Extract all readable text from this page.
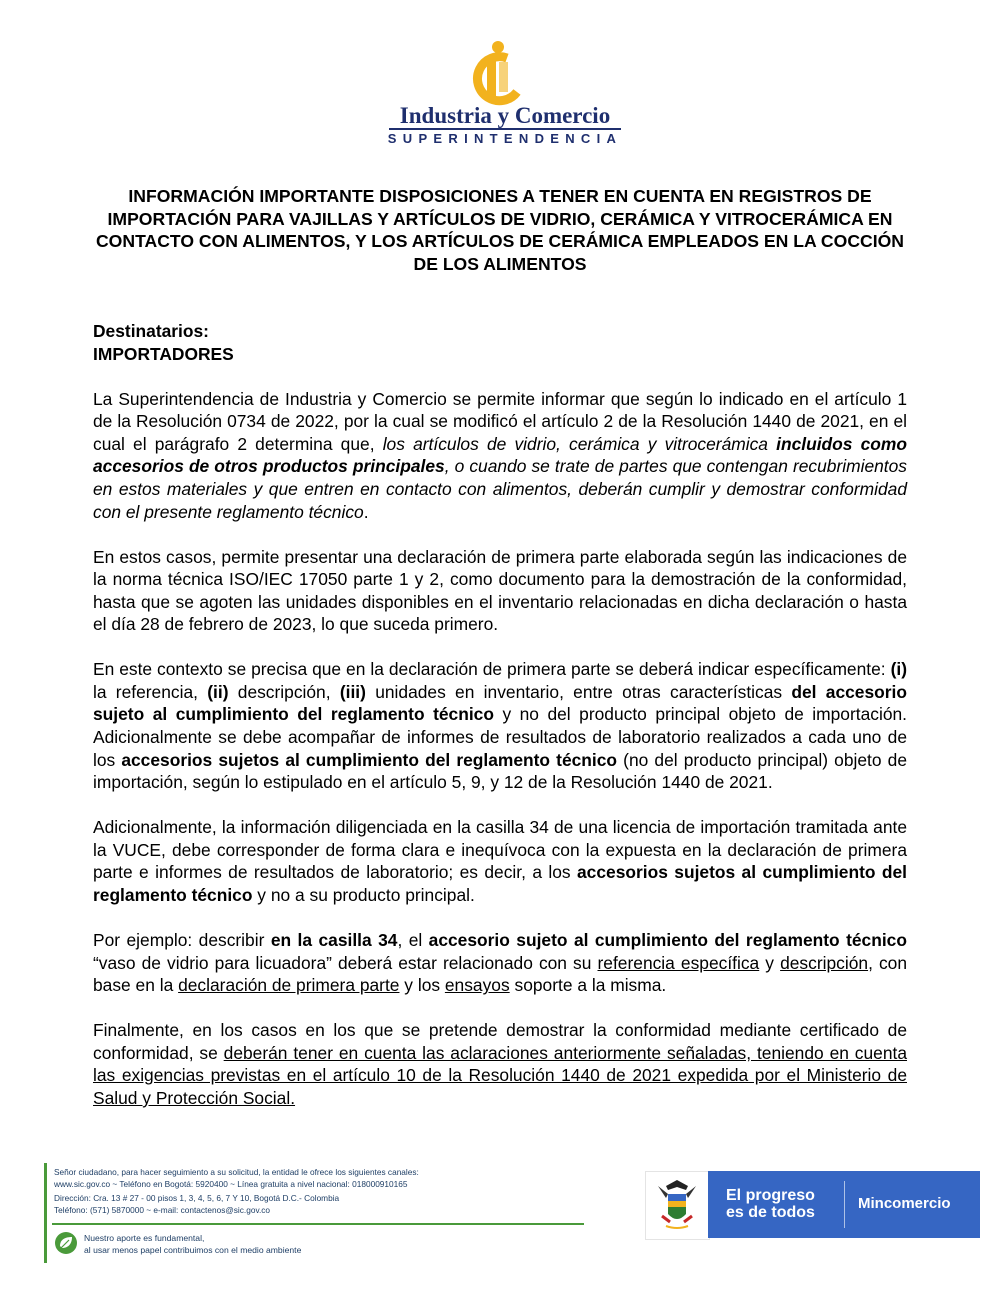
Industria y Comercio
SUPERINTENDENCIA
INFORMACIÓN IMPORTANTE DISPOSICIONES A TENER EN CUENTA EN REGISTROS DE IMPORTACIÓN PARA VAJILLAS Y ARTÍCULOS DE VIDRIO, CERÁMICA Y VITROCERÁMICA EN CONTACTO CON ALIMENTOS, Y LOS ARTÍCULOS DE CERÁMICA EMPLEADOS EN LA COCCIÓN DE LOS ALIMENTOS
Destinatarios:
IMPORTADORES

La Superintendencia de Industria y Comercio se permite informar que según lo indicado en el artículo 1 de la Resolución 0734 de 2022, por la cual se modificó el artículo 2 de la Resolución 1440 de 2021, en el cual el parágrafo 2 determina que, los artículos de vidrio, cerámica y vitrocerámica incluidos como accesorios de otros productos principales, o cuando se trate de partes que contengan recubrimientos en estos materiales y que entren en contacto con alimentos, deberán cumplir y demostrar conformidad con el presente reglamento técnico.

En estos casos, permite presentar una declaración de primera parte elaborada según las indicaciones de la norma técnica ISO/IEC 17050 parte 1 y 2, como documento para la demostración de la conformidad, hasta que se agoten las unidades disponibles en el inventario relacionadas en dicha declaración o hasta el día 28 de febrero de 2023, lo que suceda primero.

En este contexto se precisa que en la declaración de primera parte se deberá indicar específicamente: (i) la referencia, (ii) descripción, (iii) unidades en inventario, entre otras características del accesorio sujeto al cumplimiento del reglamento técnico y no del producto principal objeto de importación. Adicionalmente se debe acompañar de informes de resultados de laboratorio realizados a cada uno de los accesorios sujetos al cumplimiento del reglamento técnico (no del producto principal) objeto de importación, según lo estipulado en el artículo 5, 9, y 12 de la Resolución 1440 de 2021.

Adicionalmente, la información diligenciada en la casilla 34 de una licencia de importación tramitada ante la VUCE, debe corresponder de forma clara e inequívoca con la expuesta en la declaración de primera parte e informes de resultados de laboratorio; es decir, a los accesorios sujetos al cumplimiento del reglamento técnico y no a su producto principal.

Por ejemplo: describir en la casilla 34, el accesorio sujeto al cumplimiento del reglamento técnico “vaso de vidrio para licuadora” deberá estar relacionado con su referencia específica y descripción, con base en la declaración de primera parte y los ensayos soporte a la misma.

Finalmente, en los casos en los que se pretende demostrar la conformidad mediante certificado de conformidad, se deberán tener en cuenta las aclaraciones anteriormente señaladas, teniendo en cuenta las exigencias previstas en el artículo 10 de la Resolución 1440 de 2021 expedida por el Ministerio de Salud y Protección Social.

Señor ciudadano, para hacer seguimiento a su solicitud, la entidad le ofrece los siguientes canales:
www.sic.gov.co ~ Teléfono en Bogotá: 5920400 ~ Línea gratuita a nivel nacional: 018000910165
Dirección: Cra. 13 # 27 - 00 pisos 1, 3, 4, 5, 6, 7 Y 10, Bogotá D.C.- Colombia
Teléfono: (571) 5870000 ~ e-mail: contactenos@sic.gov.co
Nuestro aporte es fundamental,
al usar menos papel contribuimos con el medio ambiente
El progreso
es de todos
Mincomercio
